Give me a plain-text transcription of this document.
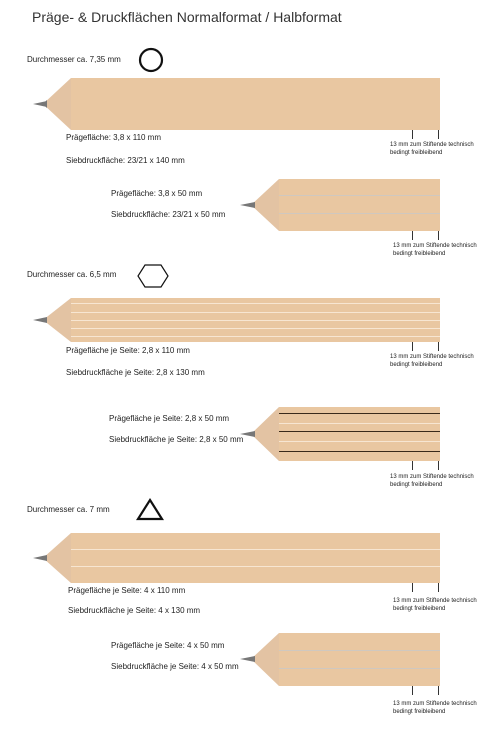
Präge- & Druckflächen Normalformat / Halbformat
Durchmesser ca. 7,35 mm
Prägefläche: 3,8 x 110 mm
Siebdruckfläche: 23/21 x 140 mm
13 mm zum Stiftende technisch
bedingt freibleibend
Prägefläche: 3,8 x 50 mm
Siebdruckfläche: 23/21 x 50 mm
13 mm zum Stiftende technisch
bedingt freibleibend
Durchmesser ca. 6,5 mm
Prägefläche je Seite: 2,8 x 110 mm
Siebdruckfläche je Seite: 2,8 x 130 mm
13 mm zum Stiftende technisch
bedingt freibleibend
Prägefläche je Seite: 2,8 x 50 mm
Siebdruckfläche je Seite: 2,8 x 50 mm
13 mm zum Stiftende technisch
bedingt freibleibend
Durchmesser ca. 7 mm
Prägefläche je Seite: 4 x 110 mm
Siebdruckfläche je Seite: 4 x 130 mm
13 mm zum Stiftende technisch
bedingt freibleibend
Prägefläche je Seite: 4 x 50 mm
Siebdruckfläche je Seite: 4 x 50 mm
13 mm zum Stiftende technisch
bedingt freibleibend
